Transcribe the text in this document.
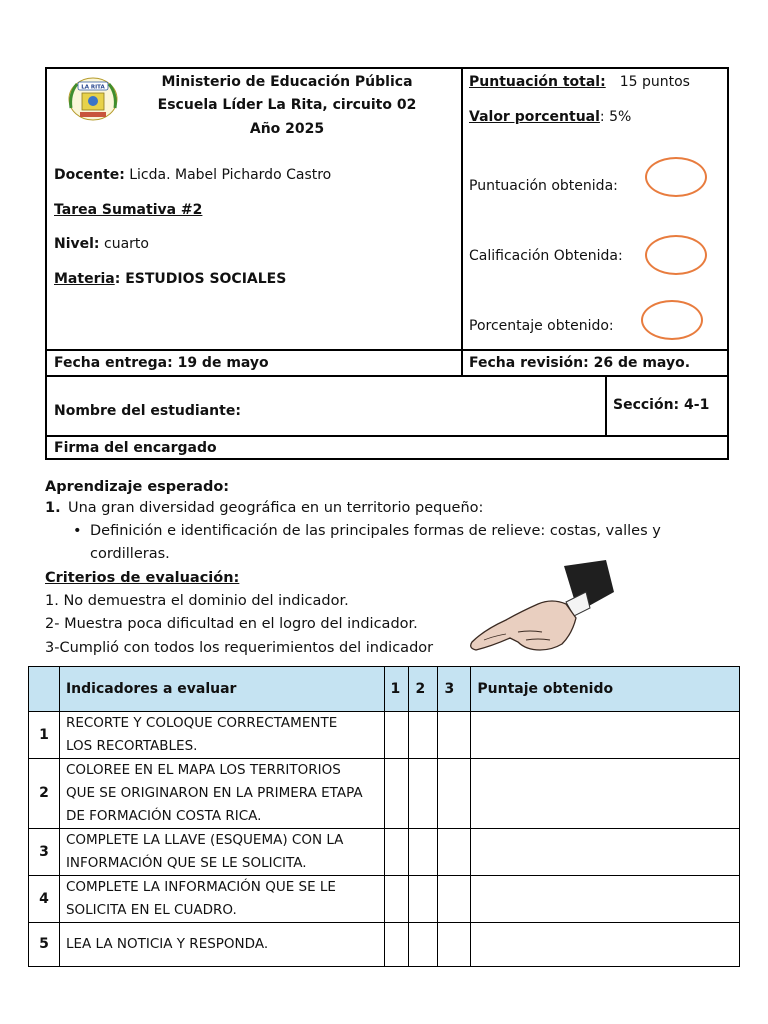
LA RITA	Ministerio de Educación Pública
Escuela Líder La Rita, circuito 02
Año 2025
Docente: Licda. Mabel Pichardo Castro
Tarea Sumativa #2
Nivel: cuarto
Materia: ESTUDIOS SOCIALES
Puntuación total: 15 puntos
Valor porcentual: 5%
Puntuación obtenida:
Calificación Obtenida:
Porcentaje obtenido:
Fecha entrega: 19 de mayo	Fecha revisión: 26 de mayo.
Nombre del estudiante:	Sección: 4-1
Firma del encargado
Aprendizaje esperado:
1. Una gran diversidad geográfica en un territorio pequeño:
• Definición e identificación de las principales formas de relieve: costas, valles y
cordilleras.
Criterios de evaluación:
1. No demuestra el dominio del indicador.
2- Muestra poca dificultad en el logro del indicador.
3-Cumplió con todos los requerimientos del indicador
	Indicadores a evaluar	1	2	3	Puntaje obtenido
1	RECORTE Y COLOQUE CORRECTAMENTE
LOS RECORTABLES.				

2	COLOREE EN EL MAPA LOS TERRITORIOS
QUE SE ORIGINARON EN LA PRIMERA ETAPA
DE FORMACIÓN COSTA RICA.				

3	COMPLETE LA LLAVE (ESQUEMA) CON LA
INFORMACIÓN QUE SE LE SOLICITA.				

4	COMPLETE LA INFORMACIÓN QUE SE LE
SOLICITA EN EL CUADRO.				

5	LEA LA NOTICIA Y RESPONDA.				
